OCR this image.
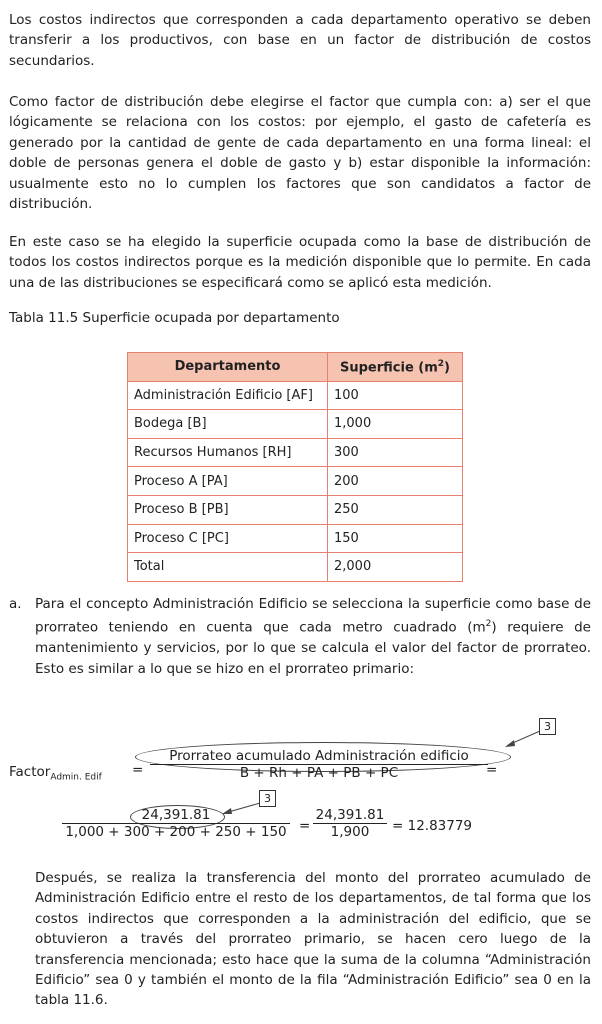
Los costos indirectos que corresponden a cada departamento operativo se deben transferir a los productivos, con base en un factor de distribución de costos secundarios.

Como factor de distribución debe elegirse el factor que cumpla con: a) ser el que lógicamente se relaciona con los costos: por ejemplo, el gasto de cafetería es generado por la cantidad de gente de cada departamento en una forma lineal: el doble de personas genera el doble de gasto y b) estar disponible la información: usualmente esto no lo cumplen los factores que son candidatos a factor de distribución.

En este caso se ha elegido la superficie ocupada como la base de distribución de todos los costos indirectos porque es la medición disponible que lo permite. En cada una de las distribuciones se especificará como se aplicó esta medición.

Tabla 11.5 Superficie ocupada por departamento

Departamento	Superficie $(m^2)$
Administración Edificio [AF]	100
Bodega [B]	1,000
Recursos Humanos [RH]	300
Proceso A [PA]	200
Proceso B [PB]	250
Proceso C [PC]	150
Total	2,000
a. Para el concepto Administración Edificio se selecciona la superficie como base de prorrateo teniendo en cuenta que cada metro cuadrado $(m^2)$ requiere de mantenimiento y servicios, por lo que se calcula el valor del factor de prorrateo. Esto es similar a lo que se hizo en el prorrateo primario:

3
Factor$_{Admin. Edif}$ =
Prorrateo acumulado Administración edificio
B + Rh + PA + PB + PC	=
3
24,391.81
1,000 + 300 + 200 + 250 + 150 =
24,391.81
1,900	= 12.83779

Después, se realiza la transferencia del monto del prorrateo acumulado de Administración Edificio entre el resto de los departamentos, de tal forma que los costos indirectos que corresponden a la administración del edificio, que se obtuvieron a través del prorrateo primario, se hacen cero luego de la transferencia mencionada; esto hace que la suma de la columna “Administración Edificio” sea 0 y también el monto de la fila “Administración Edificio” sea 0 en la tabla 11.6.
